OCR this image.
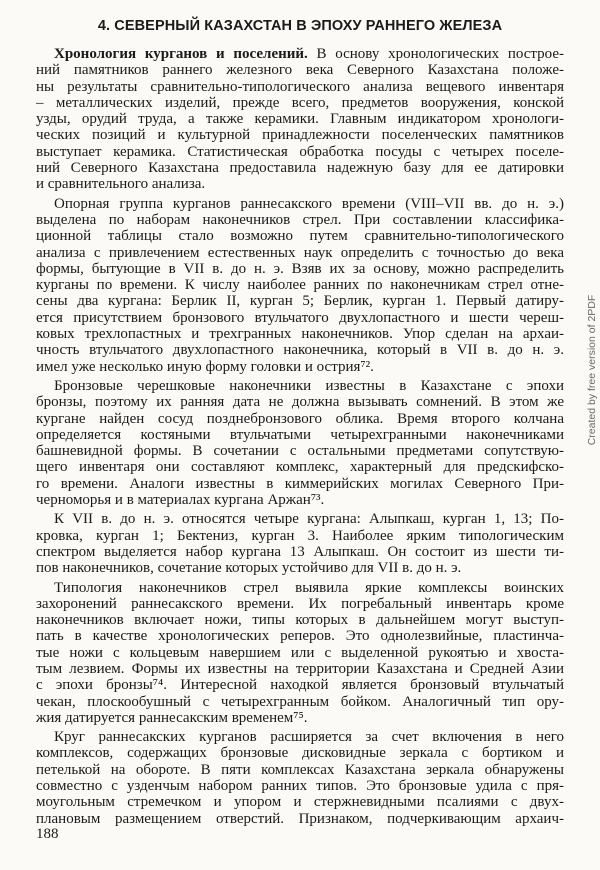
4. СЕВЕРНЫЙ КАЗАХСТАН В ЭПОХУ РАННЕГО ЖЕЛЕЗА
Хронология курганов и поселений. В основу хронологических построе-
ний памятников раннего железного века Северного Казахстана положе-
ны результаты сравнительно-типологического анализа вещевого инвентаря
– металлических изделий, прежде всего, предметов вооружения, конской
узды, орудий труда, а также керамики. Главным индикатором хронологи-
ческих позиций и культурной принадлежности поселенческих памятников
выступает керамика. Статистическая обработка посуды с четырех поселе-
ний Северного Казахстана предоставила надежную базу для ее датировки
и сравнительного анализа.
Опорная группа курганов раннесакского времени (VIII–VII вв. до н. э.)
выделена по наборам наконечников стрел. При составлении классифика-
ционной таблицы стало возможно путем сравнительно-типологического
анализа с привлечением естественных наук определить с точностью до века
формы, бытующие в VII в. до н. э. Взяв их за основу, можно распределить
курганы по времени. К числу наиболее ранних по наконечникам стрел отне-
сены два кургана: Берлик II, курган 5; Берлик, курган 1. Первый датиру-
ется присутствием бронзового втульчатого двухлопастного и шести череш-
ковых трехлопастных и трехгранных наконечников. Упор сделан на архаи-
чность втульчатого двухлопастного наконечника, который в VII в. до н. э.
имел уже несколько иную форму головки и острия⁷².
Бронзовые черешковые наконечники известны в Казахстане с эпохи
бронзы, поэтому их ранняя дата не должна вызывать сомнений. В этом же
кургане найден сосуд позднебронзового облика. Время второго колчана
определяется костяными втульчатыми четырехгранными наконечниками
башневидной формы. В сочетании с остальными предметами сопутствую-
щего инвентаря они составляют комплекс, характерный для предскифско-
го времени. Аналоги известны в киммерийских могилах Северного При-
черноморья и в материалах кургана Аржан⁷³.
К VII в. до н. э. относятся четыре кургана: Алыпкаш, курган 1, 13; По-
кровка, курган 1; Бектениз, курган 3. Наиболее ярким типологическим
спектром выделяется набор кургана 13 Алыпкаш. Он состоит из шести ти-
пов наконечников, сочетание которых устойчиво для VII в. до н. э.
Типология наконечников стрел выявила яркие комплексы воинских
захоронений раннесакского времени. Их погребальный инвентарь кроме
наконечников включает ножи, типы которых в дальнейшем могут выступ-
пать в качестве хронологических реперов. Это однолезвийные, пластинча-
тые ножи с кольцевым навершием или с выделенной рукоятью и хвоста-
тым лезвием. Формы их известны на территории Казахстана и Средней Азии
с эпохи бронзы⁷⁴. Интересной находкой является бронзовый втульчатый
чекан, плоскообушный с четырехгранным бойком. Аналогичный тип ору-
жия датируется раннесакским временем⁷⁵.
Круг раннесакских курганов расширяется за счет включения в него
комплексов, содержащих бронзовые дисковидные зеркала с бортиком и
петелькой на обороте. В пяти комплексах Казахстана зеркала обнаружены
совместно с узденчым набором ранних типов. Это бронзовые удила с пря-
моугольным стремечком и упором и стержневидными псалиями с двух-
плановым размещением отверстий. Признаком, подчеркивающим архаич-
188
Created by free version of 2PDF
